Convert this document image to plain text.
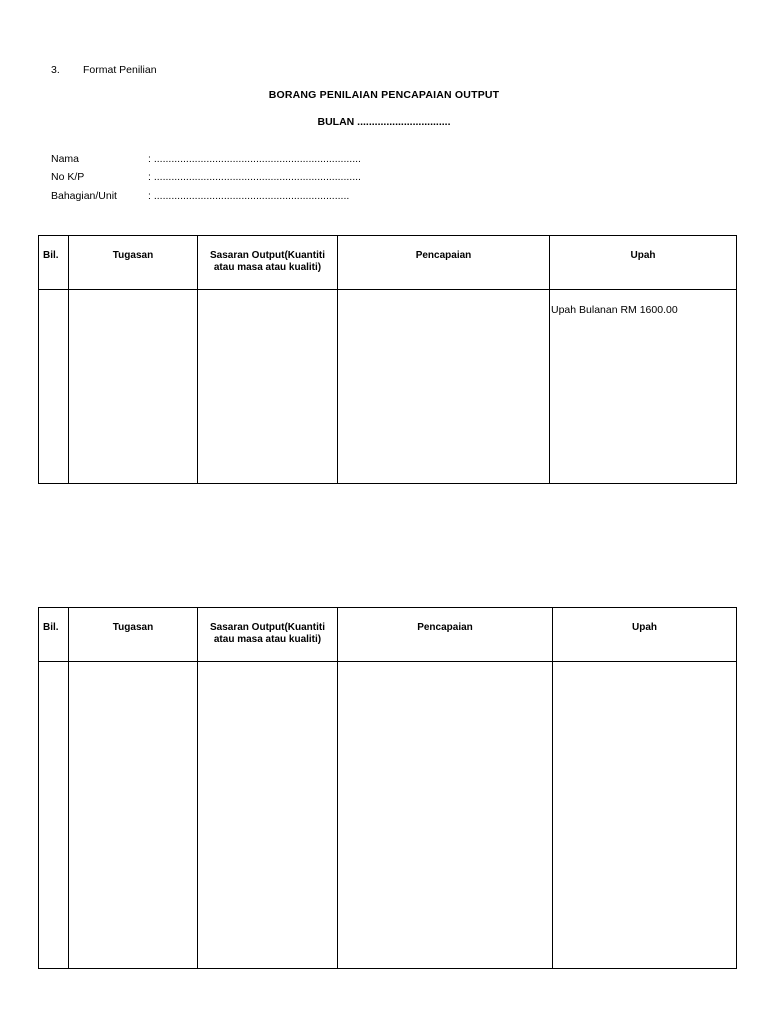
3. Format Penilian
BORANG PENILAIAN PENCAPAIAN OUTPUT
BULAN ................................
Nama	: .......................................................................
No K/P	: .......................................................................
Bahagian/Unit	: ...................................................................
Bil.	Tugasan	Sasaran Output(Kuantiti
atau masa atau kualiti)	Pencapaian	Upah
				Upah Bulanan RM 1600.00
Bil.	Tugasan	Sasaran Output(Kuantiti
atau masa atau kualiti)	Pencapaian	Upah
